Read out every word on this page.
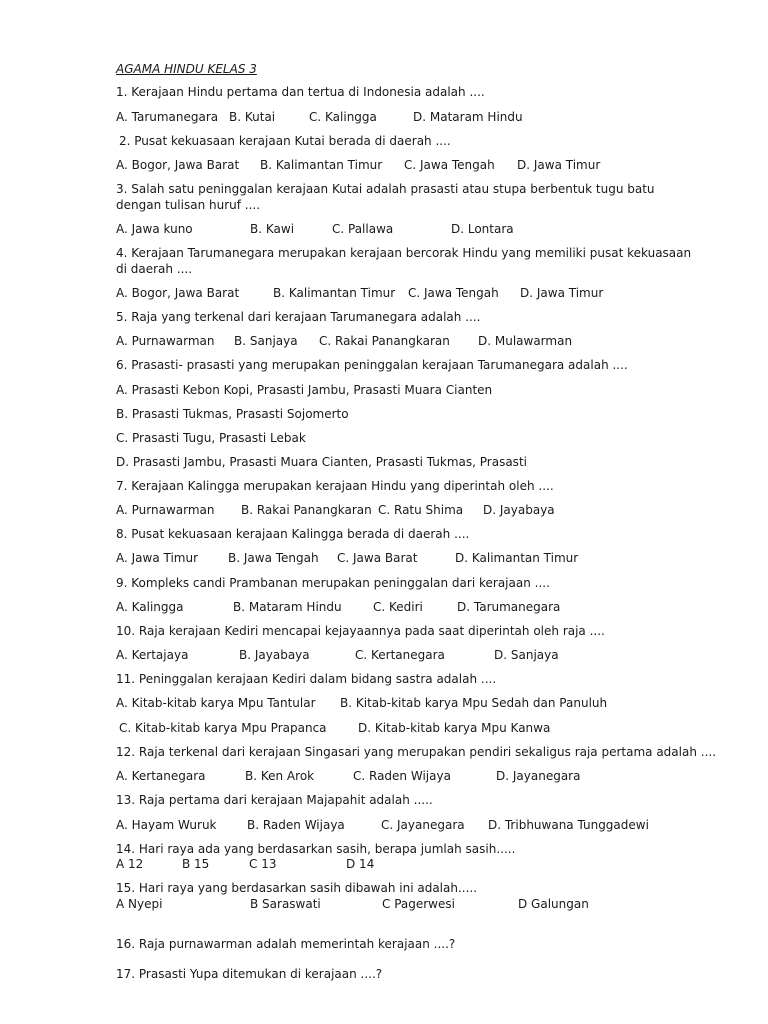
AGAMA HINDU KELAS 3

1. Kerajaan Hindu pertama dan tertua di Indonesia adalah ....

A. Tarumanegara B. Kutai	C. Kalingga	D. Mataram Hindu

2. Pusat kekuasaan kerajaan Kutai berada di daerah ....

A. Bogor, Jawa Barat B. Kalimantan Timur C. Jawa Tengah D. Jawa Timur

3. Salah satu peninggalan kerajaan Kutai adalah prasasti atau stupa berbentuk tugu batu dengan tulisan huruf ....

A. Jawa kuno	B. Kawi	C. Pallawa	D. Lontara

4. Kerajaan Tarumanegara merupakan kerajaan bercorak Hindu yang memiliki pusat kekuasaan di daerah ....

A. Bogor, Jawa Barat	B. Kalimantan Timur C. Jawa Tengah D. Jawa Timur

5. Raja yang terkenal dari kerajaan Tarumanegara adalah ....

A. Purnawarman B. Sanjaya C. Rakai Panangkaran D. Mulawarman

6. Prasasti- prasasti yang merupakan peninggalan kerajaan Tarumanegara adalah ....

A. Prasasti Kebon Kopi, Prasasti Jambu, Prasasti Muara Cianten

B. Prasasti Tukmas, Prasasti Sojomerto

C. Prasasti Tugu, Prasasti Lebak

D. Prasasti Jambu, Prasasti Muara Cianten, Prasasti Tukmas, Prasasti

7. Kerajaan Kalingga merupakan kerajaan Hindu yang diperintah oleh ....

A. Purnawarman B. Rakai Panangkaran C. Ratu Shima D. Jayabaya

8. Pusat kekuasaan kerajaan Kalingga berada di daerah ....

A. Jawa Timur B. Jawa Tengah C. Jawa Barat	D. Kalimantan Timur

9. Kompleks candi Prambanan merupakan peninggalan dari kerajaan ....

A. Kalingga	B. Mataram Hindu	C. Kediri	D. Tarumanegara

10. Raja kerajaan Kediri mencapai kejayaannya pada saat diperintah oleh raja ....

A. Kertajaya	B. Jayabaya	C. Kertanegara	D. Sanjaya

11. Peninggalan kerajaan Kediri dalam bidang sastra adalah ....

A. Kitab-kitab karya Mpu Tantular B. Kitab-kitab karya Mpu Sedah dan Panuluh

C. Kitab-kitab karya Mpu Prapanca	D. Kitab-kitab karya Mpu Kanwa

12. Raja terkenal dari kerajaan Singasari yang merupakan pendiri sekaligus raja pertama adalah ....

A. Kertanegara	B. Ken Arok	C. Raden Wijaya	D. Jayanegara

13. Raja pertama dari kerajaan Majapahit adalah .....

A. Hayam Wuruk	B. Raden Wijaya	C. Jayanegara D. Tribhuwana Tunggadewi

14. Hari raya ada yang berdasarkan sasih, berapa jumlah sasih.....

A 12	B 15	C 13	D 14

15. Hari raya yang berdasarkan sasih dibawah ini adalah.....

A Nyepi	B Saraswati	C Pagerwesi	D Galungan

16. Raja purnawarman adalah memerintah kerajaan ....?

17. Prasasti Yupa ditemukan di kerajaan ....?
